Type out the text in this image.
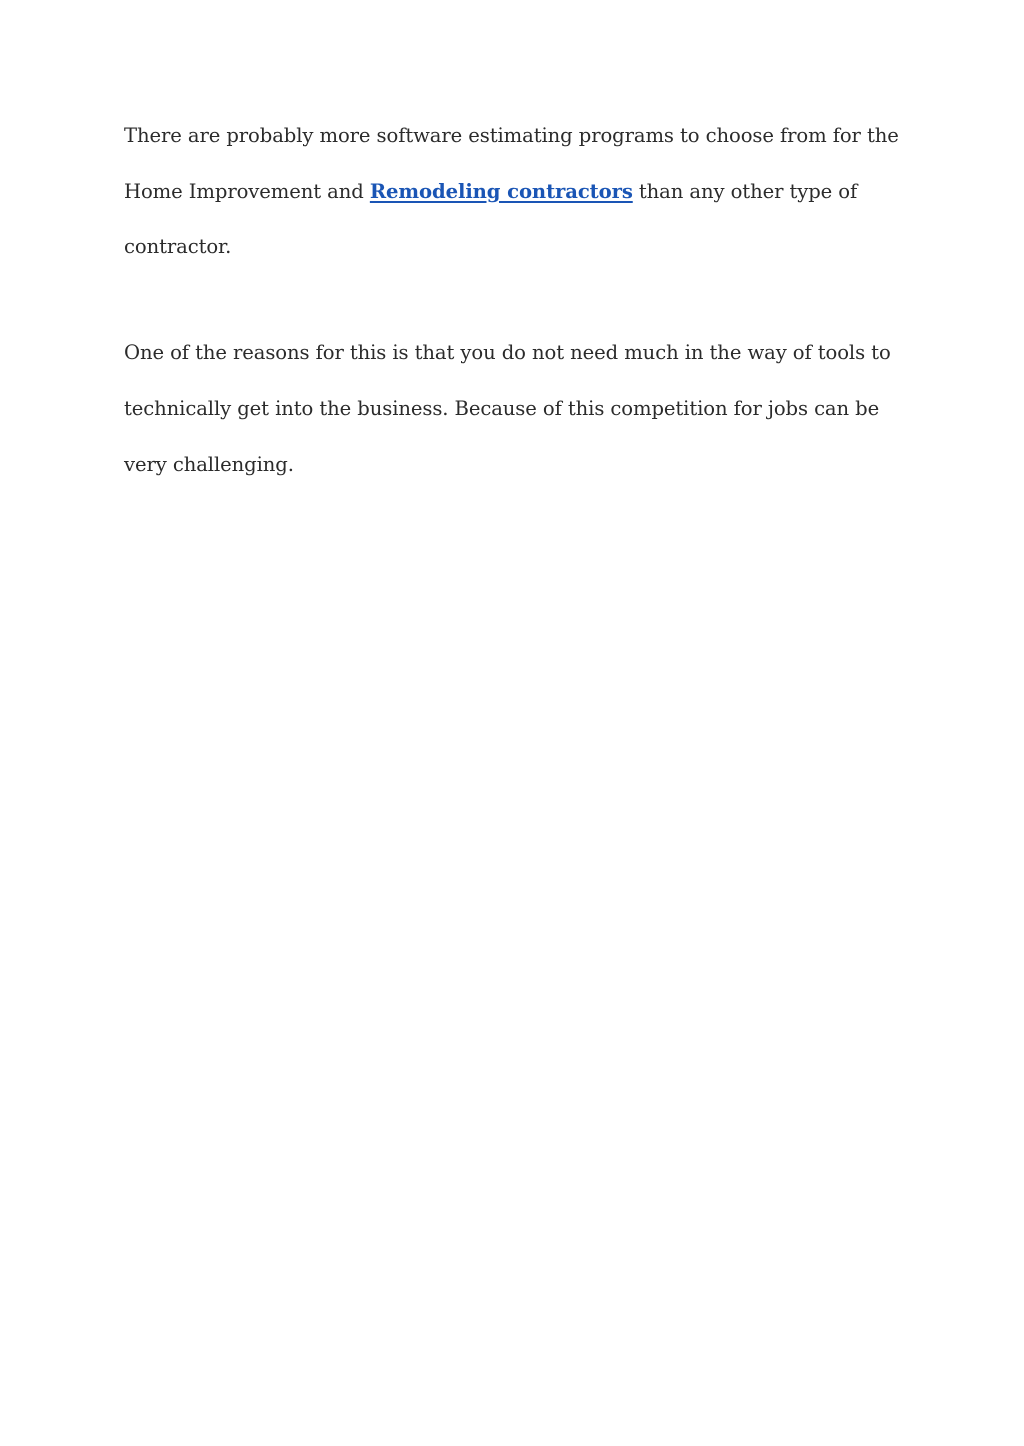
There are probably more software estimating programs to choose from for the Home Improvement and Remodeling contractors than any other type of contractor.

One of the reasons for this is that you do not need much in the way of tools to technically get into the business. Because of this competition for jobs can be very challenging.
